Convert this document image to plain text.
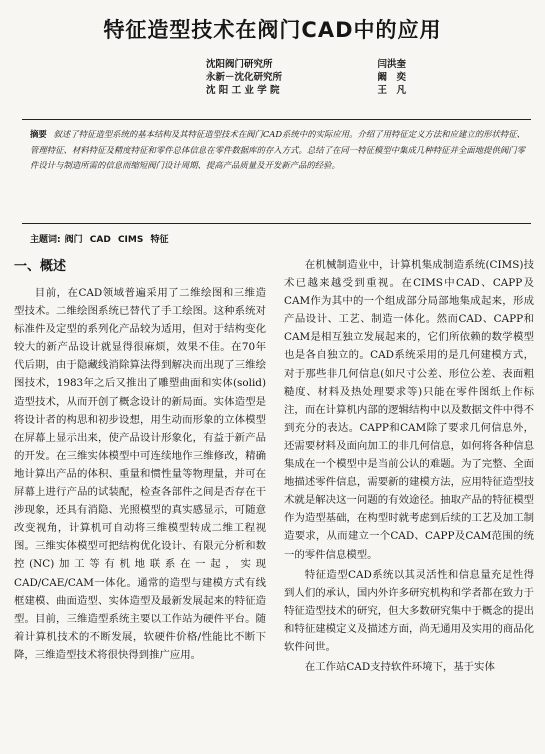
特征造型技术在阀门CAD中的应用
沈阳阀门研究所	闫洪奎
永新－沈化研究所	阚　奕
沈 阳 工 业 学 院	王　凡
摘要 叙述了特征造型系统的基本结构及其特征造型技术在阀门CAD系统中的实际应用。介绍了用特征定义方法和应建立的形状特征、管理特征、材料特征及精度特征和零件总体信息在零件数据库的存入方式。总结了在同一特征模型中集成几种特征并全面地提供阀门零件设计与制造所需的信息而缩短阀门设计周期、提高产品质量及开发新产品的经验。
主题词: 阀门 CAD CIMS 特征
一、概述

目前，在CAD领域普遍采用了二维绘图和三维造型技术。二维绘图系统已替代了手工绘图。这种系统对标准件及定型的系列化产品较为适用，但对于结构变化较大的新产品设计就显得很麻烦，效果不佳。在70年代后期，由于隐藏线消除算法得到解决而出现了三维绘图技术，1983年之后又推出了雕塑曲面和实体(solid)造型技术，从而开创了概念设计的新局面。实体造型是将设计者的构思和初步设想，用生动而形象的立体模型在屏幕上显示出来，使产品设计形象化，有益于新产品的开发。在三维实体模型中可连续地作三维修改，精确地计算出产品的体积、重量和惯性量等物理量，并可在屏幕上进行产品的试装配，检查各部件之间是否存在干涉现象，还具有消隐、光照模型的真实感显示，可随意改变视角，计算机可自动将三维模型转成二维工程视图。三维实体模型可把结构优化设计、有限元分析和数控(NC)加工等有机地联系在一起，实现CAD/CAE/CAM一体化。通常的造型与建模方式有线框建模、曲面造型、实体造型及最新发展起来的特征造型。目前，三维造型系统主要以工作站为硬件平台。随着计算机技术的不断发展，软硬件价格/性能比不断下降，三维造型技术将很快得到推广应用。

在机械制造业中，计算机集成制造系统(CIMS)技术已越来越受到重视。在CIMS中CAD、CAPP及CAM作为其中的一个组成部分局部地集成起来，形成产品设计、工艺、制造一体化。然而CAD、CAPP和CAM是相互独立发展起来的，它们所依赖的数学模型也是各自独立的。CAD系统采用的是几何建模方式，对于那些非几何信息(如尺寸公差、形位公差、表面粗糙度、材料及热处理要求等)只能在零件图纸上作标注，而在计算机内部的逻辑结构中以及数据文件中得不到充分的表达。CAPP和CAM除了要求几何信息外，还需要材料及面向加工的非几何信息，如何将各种信息集成在一个模型中是当前公认的难题。为了完整、全面地描述零件信息，需要新的建模方法，应用特征造型技术就是解决这一问题的有效途径。抽取产品的特征模型作为造型基础，在构型时就考虑到后续的工艺及加工制造要求，从而建立一个CAD、CAPP及CAM范围的统一的零件信息模型。

特征造型CAD系统以其灵活性和信息量充足性得到人们的承认，国内外许多研究机构和学者都在致力于特征造型技术的研究，但大多数研究集中于概念的提出和特征建模定义及描述方面，尚无通用及实用的商品化软件问世。

在工作站CAD支持软件环境下，基于实体
